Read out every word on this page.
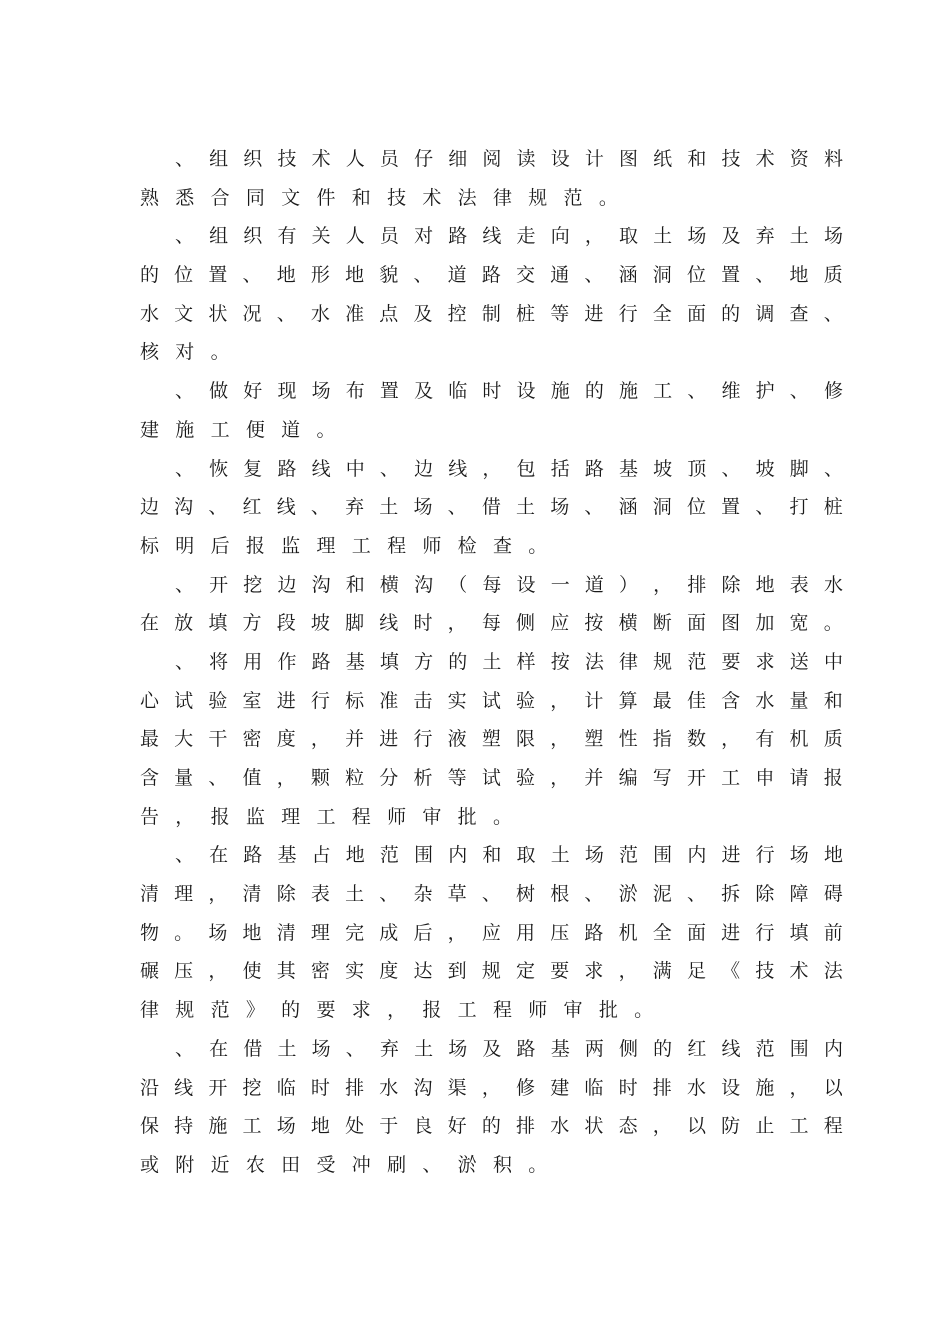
、 组 织 技 术 人 员 仔 细 阅 读 设 计 图 纸 和 技 术 资 料
熟 悉 合 同 文 件 和 技 术 法 律 规 范 。
、 组 织 有 关 人 员 对 路 线 走 向 ， 取 土 场 及 弃 土 场
的 位 置 、 地 形 地 貌 、 道 路 交 通 、 涵 洞 位 置 、 地 质
水 文 状 况 、 水 准 点 及 控 制 桩 等 进 行 全 面 的 调 查 、
核 对 。
、 做 好 现 场 布 置 及 临 时 设 施 的 施 工 、 维 护 、 修
建 施 工 便 道 。
、 恢 复 路 线 中 、 边 线 ， 包 括 路 基 坡 顶 、 坡 脚 、
边 沟 、 红 线 、 弃 土 场 、 借 土 场 、 涵 洞 位 置 、 打 桩
标 明 后 报 监 理 工 程 师 检 查 。
、 开 挖 边 沟 和 横 沟 （ 每 设 一 道 ） ， 排 除 地 表 水
在 放 填 方 段 坡 脚 线 时 ， 每 侧 应 按 横 断 面 图 加 宽 。
、 将 用 作 路 基 填 方 的 土 样 按 法 律 规 范 要 求 送 中
心 试 验 室 进 行 标 准 击 实 试 验 ， 计 算 最 佳 含 水 量 和
最 大 干 密 度 ， 并 进 行 液 塑 限 ， 塑 性 指 数 ， 有 机 质
含 量 、 值 ， 颗 粒 分 析 等 试 验 ， 并 编 写 开 工 申 请 报
告 ， 报 监 理 工 程 师 审 批 。
、 在 路 基 占 地 范 围 内 和 取 土 场 范 围 内 进 行 场 地
清 理 ， 清 除 表 土 、 杂 草 、 树 根 、 淤 泥 、 拆 除 障 碍
物 。 场 地 清 理 完 成 后 ， 应 用 压 路 机 全 面 进 行 填 前
碾 压 ， 使 其 密 实 度 达 到 规 定 要 求 ， 满 足 《 技 术 法
律 规 范 》 的 要 求 ， 报 工 程 师 审 批 。
、 在 借 土 场 、 弃 土 场 及 路 基 两 侧 的 红 线 范 围 内
沿 线 开 挖 临 时 排 水 沟 渠 ， 修 建 临 时 排 水 设 施 ， 以
保 持 施 工 场 地 处 于 良 好 的 排 水 状 态 ， 以 防 止 工 程
或 附 近 农 田 受 冲 刷 、 淤 积 。
